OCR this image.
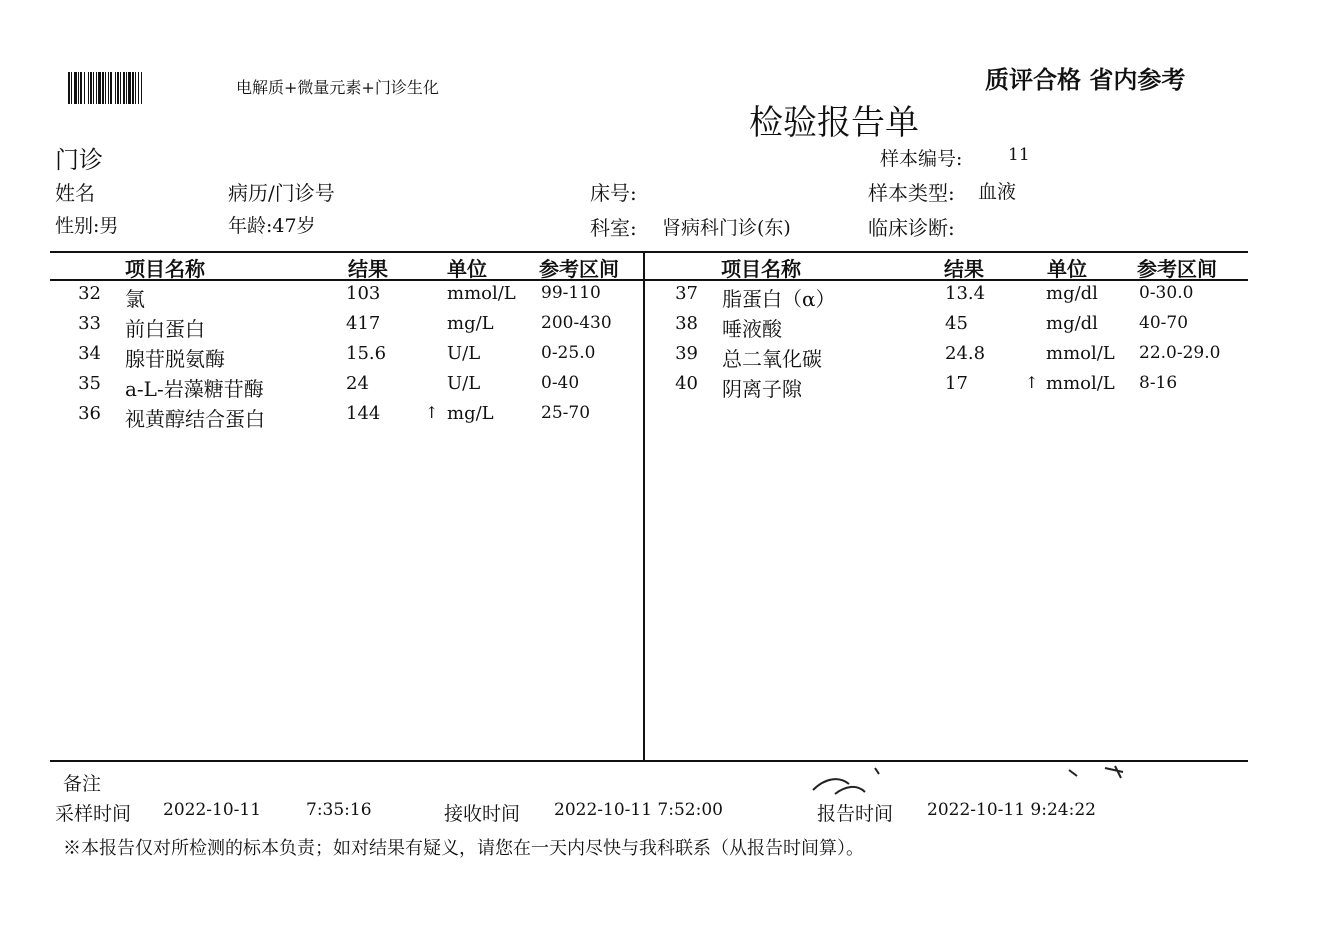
电解质+微量元素+门诊生化	质评合格 省内参考
检验报告单
门诊	样本编号:	11
姓名	病历/门诊号	床号:	样本类型: 血液
性别:男	年龄:47岁	科室: 肾病科门诊(东)	临床诊断:
项目名称	结果	单位	参考区间	项目名称	结果	单位	参考区间
32 氯	103	mmol/L 99-110
33 前白蛋白	417	mg/L	200-430
34 腺苷脱氨酶	15.6	U/L	0-25.0
35 a-L-岩藻糖苷酶	24	U/L	0-40
36 视黄醇结合蛋白	144	↑ mg/L	25-70
37 脂蛋白（α）	13.4	mg/dl 0-30.0
38 唾液酸	45	mg/dl 40-70
39 总二氧化碳	24.8	mmol/L 22.0-29.0
40 阴离子隙	17	↑ mmol/L 8-16
备注
采样时间 2022-10-11	7:35:16	接收时间 2022-10-11 7:52:00	报告时间 2022-10-11 9:24:22
※本报告仅对所检测的标本负责；如对结果有疑义，请您在一天内尽快与我科联系（从报告时间算）。
